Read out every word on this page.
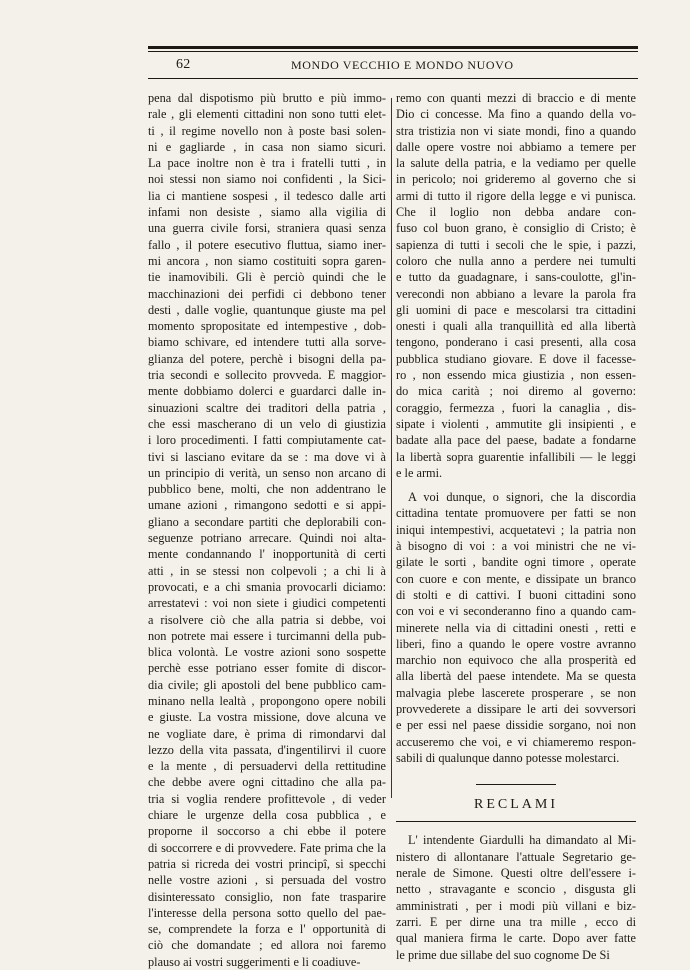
62	MONDO VECCHIO E MONDO NUOVO
pena dal dispotismo più brutto e più immo-
rale , gli elementi cittadini non sono tutti elet-
ti , il regime novello non à poste basi solen-
ni e gagliarde , in casa non siamo sicuri.
La pace inoltre non è tra i fratelli tutti , in
noi stessi non siamo noi confidenti , la Sici-
lia ci mantiene sospesi , il tedesco dalle arti
infami non desiste , siamo alla vigilia di
una guerra civile forsi, straniera quasi senza
fallo , il potere esecutivo fluttua, siamo iner-
mi ancora , non siamo costituiti sopra garen-
tie inamovibili. Gli è perciò quindi che le
macchinazioni dei perfidi ci debbono tener
desti , dalle voglie, quantunque giuste ma pel
momento spropositate ed intempestive , dob-
biamo schivare, ed intendere tutti alla sorve-
glianza del potere, perchè i bisogni della pa-
tria secondi e sollecito provveda. E maggior-
mente dobbiamo dolerci e guardarci dalle in-
sinuazioni scaltre dei traditori della patria ,
che essi mascherano di un velo di giustizia
i loro procedimenti. I fatti compiutamente cat-
tivi si lasciano evitare da se : ma dove vi à
un principio di verità, un senso non arcano di
pubblico bene, molti, che non addentrano le
umane azioni , rimangono sedotti e si appi-
gliano a secondare partiti che deplorabili con-
seguenze potriano arrecare. Quindi noi alta-
mente condannando l' inopportunità di certi
atti , in se stessi non colpevoli ; a chi li à
provocati, e a chi smania provocarli diciamo:
arrestatevi : voi non siete i giudici competenti
a risolvere ciò che alla patria si debbe, voi
non potrete mai essere i turcimanni della pub-
blica volontà. Le vostre azioni sono sospette
perchè esse potriano esser fomite di discor-
dia civile; gli apostoli del bene pubblico cam-
minano nella lealtà , propongono opere nobili
e giuste. La vostra missione, dove alcuna ve
ne vogliate dare, è prima di rimondarvi dal
lezzo della vita passata, d'ingentilirvi il cuore
e la mente , di persuadervi della rettitudine
che debbe avere ogni cittadino che alla pa-
tria si voglia rendere profittevole , di veder
chiare le urgenze della cosa pubblica , e
proporne il soccorso a chi ebbe il potere
di soccorrere e di provvedere. Fate prima che la
patria si ricreda dei vostri principî, si specchi
nelle vostre azioni , si persuada del vostro
disinteressato consiglio, non fate trasparire
l'interesse della persona sotto quello del pae-
se, comprendete la forza e l' opportunità di
ciò che domandate ; ed allora noi faremo
plauso ai vostri suggerimenti e li coadiuve-
remo con quanti mezzi di braccio e di mente
Dio ci concesse. Ma fino a quando della vo-
stra tristizia non vi siate mondi, fino a quando
dalle opere vostre noi abbiamo a temere per
la salute della patria, e la vediamo per quelle
in pericolo; noi grideremo al governo che si
armi di tutto il rigore della legge e vi punisca.
Che il loglio non debba andare con-
fuso col buon grano, è consiglio di Cristo; è
sapienza di tutti i secoli che le spie, i pazzi,
coloro che nulla anno a perdere nei tumulti
e tutto da guadagnare, i sans-coulotte, gl'in-
verecondi non abbiano a levare la parola fra
gli uomini di pace e mescolarsi tra cittadini
onesti i quali alla tranquillità ed alla libertà
tengono, ponderano i casi presenti, alla cosa
pubblica studiano giovare. E dove il facesse-
ro , non essendo mica giustizia , non essen-
do mica carità ; noi diremo al governo:
coraggio, fermezza , fuori la canaglia , dis-
sipate i violenti , ammutite gli insipienti , e
badate alla pace del paese, badate a fondarne
la libertà sopra guarentie infallibili — le leggi
e le armi.
A voi dunque, o signori, che la discordia
cittadina tentate promuovere per fatti se non
iniqui intempestivi, acquetatevi ; la patria non
à bisogno di voi : a voi ministri che ne vi-
gilate le sorti , bandite ogni timore , operate
con cuore e con mente, e dissipate un branco
di stolti e di cattivi. I buoni cittadini sono
con voi e vi seconderanno fino a quando cam-
minerete nella via di cittadini onesti , retti e
liberi, fino a quando le opere vostre avranno
marchio non equivoco che alla prosperità ed
alla libertà del paese intendete. Ma se questa
malvagia plebe lascerete prosperare , se non
provvederete a dissipare le arti dei sovversori
e per essi nel paese dissidie sorgano, noi non
accuseremo che voi, e vi chiameremo respon-
sabili di qualunque danno potesse molestarci.
RECLAMI
L' intendente Giardulli ha dimandato al Mi-
nistero di allontanare l'attuale Segretario ge-
nerale de Simone. Questi oltre dell'essere i-
netto , stravagante e sconcio , disgusta gli
amministrati , per i modi più villani e biz-
zarri. E per dirne una tra mille , ecco di
qual maniera firma le carte. Dopo aver fatte
le prime due sillabe del suo cognome De Si
